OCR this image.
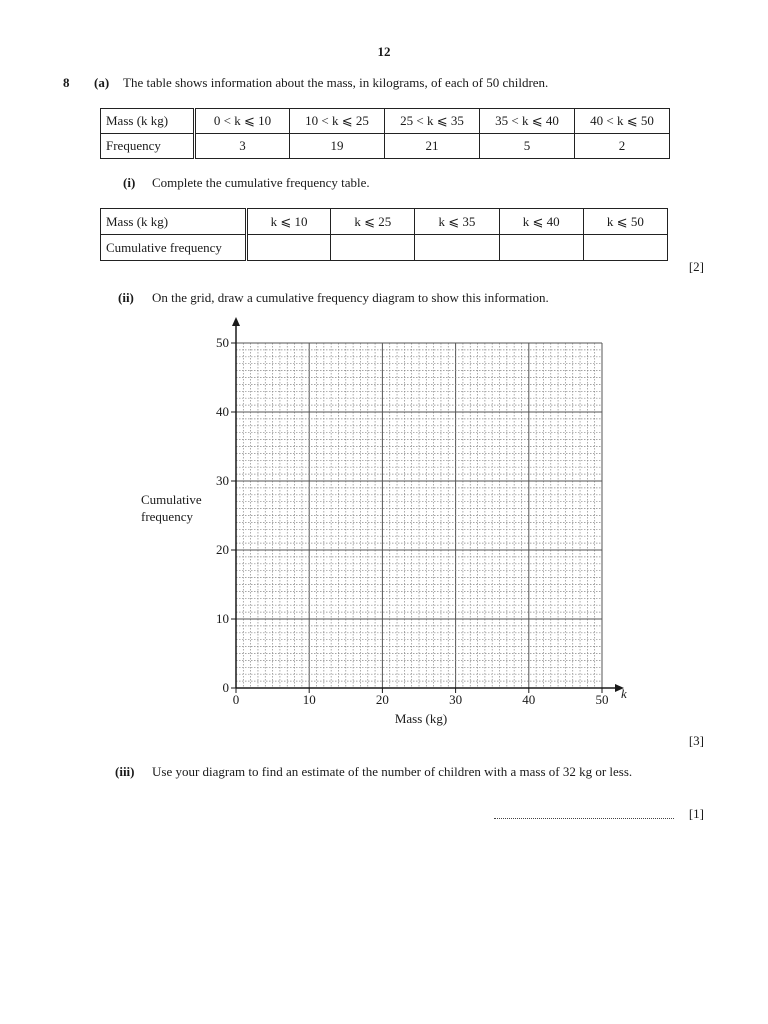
12
8 (a) The table shows information about the mass, in kilograms, of each of 50 children.
Mass (k kg)	0 < k ⩽ 10	10 < k ⩽ 25	25 < k ⩽ 35	35 < k ⩽ 40	40 < k ⩽ 50
Frequency	3	19	21	5	2
(i) Complete the cumulative frequency table.
Mass (k kg)	k ⩽ 10	k ⩽ 25	k ⩽ 35	k ⩽ 40	k ⩽ 50
Cumulative frequency					
[2]
(ii) On the grid, draw a cumulative frequency diagram to show this information.
0	10	20	30	40	50
0
10
20
30
40
50
k
Mass (kg)
Cumulative
frequency
[3]
(iii) Use your diagram to find an estimate of the number of children with a mass of 32 kg or less.
[1]
